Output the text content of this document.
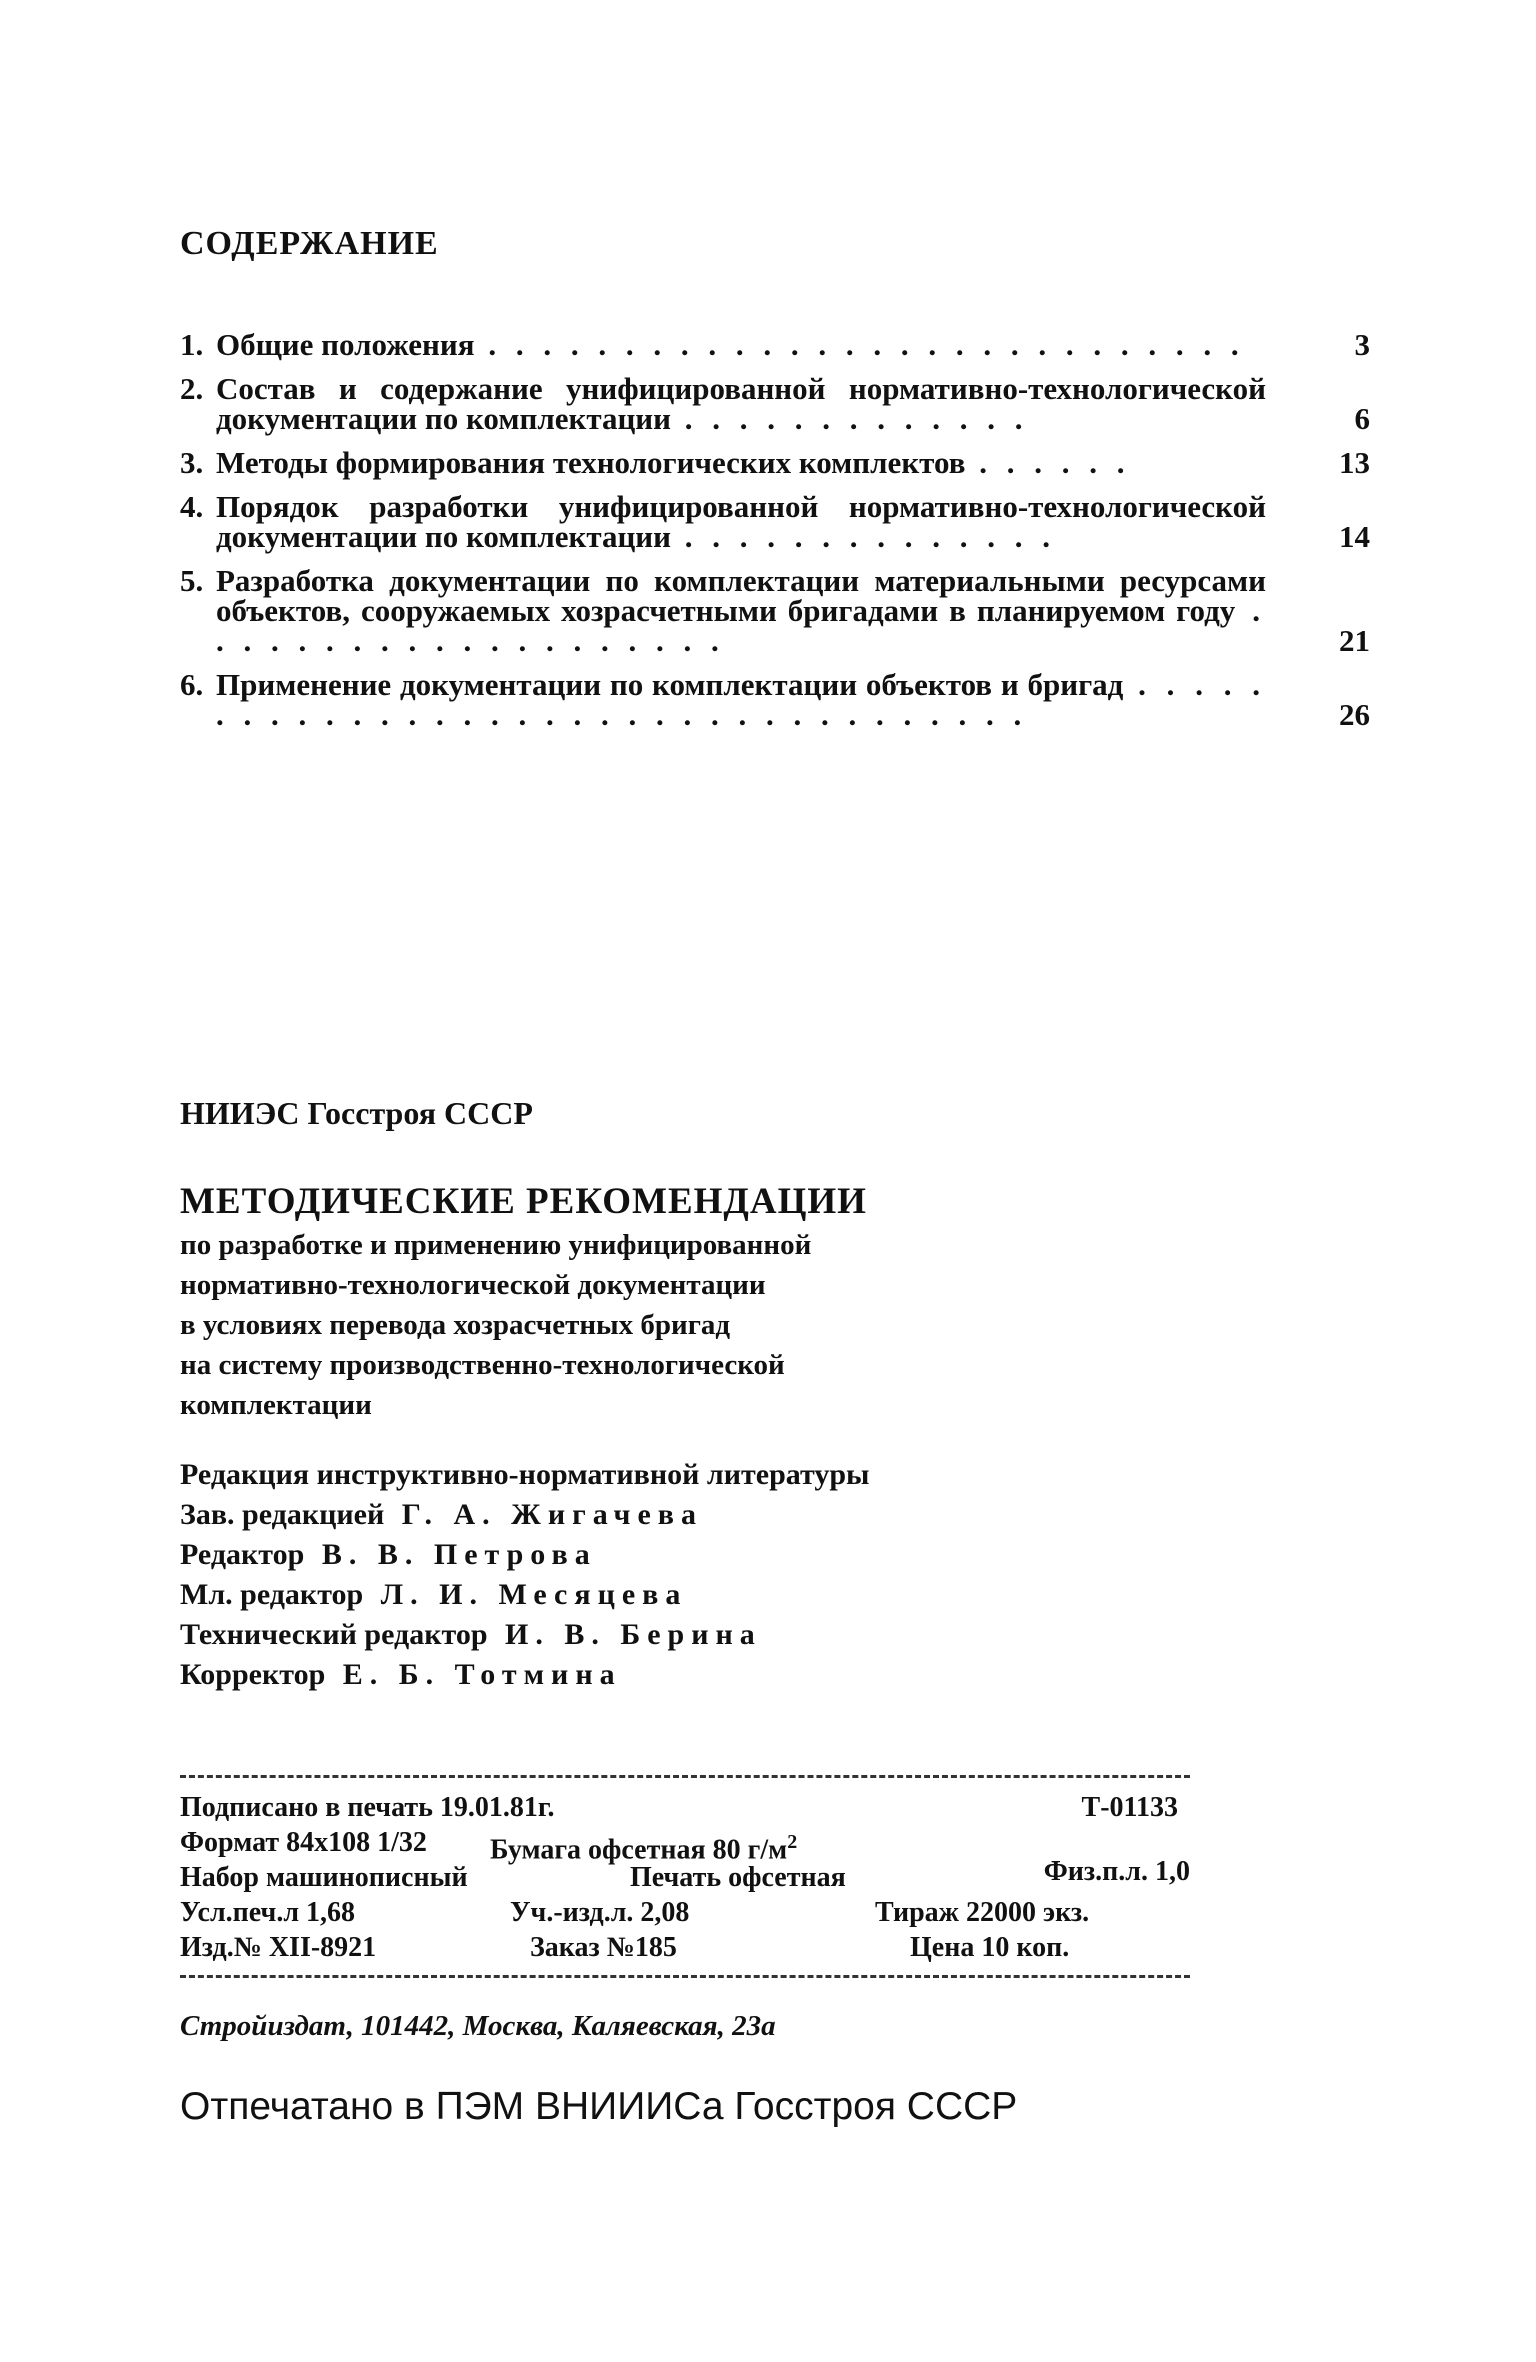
СОДЕРЖАНИЕ
1. Общие положения . . . . . . . . . . . . . . . . . . . . . . . . . . . .	3
2. Состав и содержание унифицированной нормативно-технологической документации по комплектации . . . . . . . . . . . . .	6
3. Методы формирования технологических комплектов . . . . . .	13
4. Порядок разработки унифицированной нормативно-технологической документации по комплектации . . . . . . . . . . . . . .	14
5. Разработка документации по комплектации материальными ресурсами объектов, сооружаемых хозрасчетными бригадами в планируемом году . . . . . . . . . . . . . . . . . . . .	21
6. Применение документации по комплектации объектов и бригад . . . . . . . . . . . . . . . . . . . . . . . . . . . . . . . . . . .	26
НИИЭС Госстроя СССР
МЕТОДИЧЕСКИЕ РЕКОМЕНДАЦИИ
по разработке и применению унифицированной
нормативно-технологической документации
в условиях перевода хозрасчетных бригад
на систему производственно-технологической
комплектации
Редакция инструктивно-нормативной литературы
Зав. редакцией Г. А. Жигачева
Редактор В. В. Петрова
Мл. редактор Л. И. Месяцева
Технический редактор И. В. Берина
Корректор Е. Б. Тотмина
Подписано в печать 19.01.81г.	Т-01133
Формат 84х108 1/32 Бумага офсетная 80 $г/м^2$
Набор машинописный	Печать офсетная	Физ.п.л. 1,0
Усл.печ.л 1,68	Уч.-изд.л. 2,08	Тираж 22000 экз.
Изд.№ XII-8921	Заказ №185	Цена 10 коп.
Стройиздат, 101442, Москва, Каляевская, 23а
Отпечатано в ПЭМ ВНИИИСа Госстроя СССР
